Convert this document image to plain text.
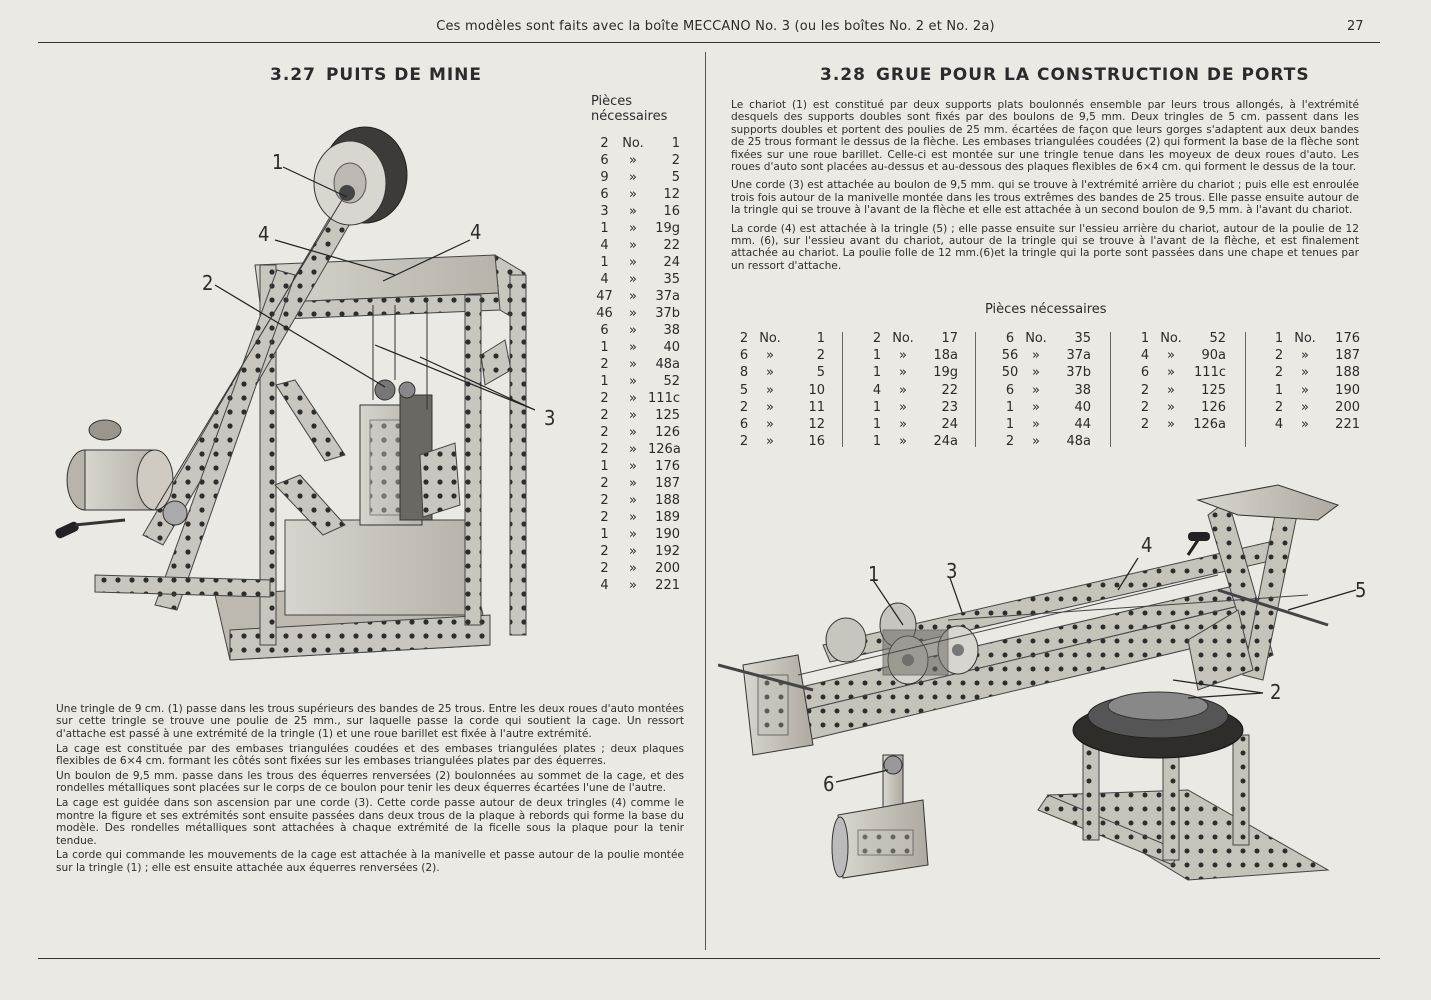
Ces modèles sont faits avec la boîte MECCANO No. 3 (ou les boîtes No. 2 et No. 2a)	27
3.27 PUITS DE MINE
Pièces
nécessaires
2	No.	1
6	»	2
9	»	5
6	»	12
3	»	16
1	»	19g
4	»	22
1	»	24
4	»	35
47	»	37a
46	»	37b
6	»	38
1	»	40
2	»	48a
1	»	52
2	» 111c
2	»	125
2	»	126
2	» 126a
1	»	176
2	»	187
2	»	188
2	»	189
1	»	190
2	»	192
2	»	200
4	»	221
1
4	4
2
3
Une tringle de 9 cm. (1) passe dans les trous supérieurs des bandes de 25 trous. Entre les deux roues d'auto montées sur cette tringle se trouve une poulie de 25 mm., sur laquelle passe la corde qui soutient la cage. Un ressort d'attache est passé à une extrémité de la tringle (1) et une roue barillet est fixée à l'autre extrémité.
La cage est constituée par des embases triangulées coudées et des embases triangulées plates ; deux plaques flexibles de 6×4 cm. formant les côtés sont fixées sur les embases triangulées plates par des équerres.
Un boulon de 9,5 mm. passe dans les trous des équerres renversées (2) boulonnées au sommet de la cage, et des rondelles métalliques sont placées sur le corps de ce boulon pour tenir les deux équerres écartées l'une de l'autre.
La cage est guidée dans son ascension par une corde (3). Cette corde passe autour de deux tringles (4) comme le montre la figure et ses extrémités sont ensuite passées dans deux trous de la plaque à rebords qui forme la base du modèle. Des rondelles métalliques sont attachées à chaque extrémité de la ficelle sous la plaque pour la tenir tendue.
La corde qui commande les mouvements de la cage est attachée à la manivelle et passe autour de la poulie montée sur la tringle (1) ; elle est ensuite attachée aux équerres renversées (2).
3.28 GRUE POUR LA CONSTRUCTION DE PORTS
Le chariot (1) est constitué par deux supports plats boulonnés ensemble par leurs trous allongés, à l'extrémité desquels des supports doubles sont fixés par des boulons de 9,5 mm. Deux tringles de 5 cm. passent dans les supports doubles et portent des poulies de 25 mm. écartées de façon que leurs gorges s'adaptent aux deux bandes de 25 trous formant le dessus de la flèche. Les embases triangulées coudées (2) qui forment la base de la flèche sont fixées sur une roue barillet. Celle-ci est montée sur une tringle tenue dans les moyeux de deux roues d'auto. Les roues d'auto sont placées au-dessus et au-dessous des plaques flexibles de 6×4 cm. qui forment le dessus de la tour.
Une corde (3) est attachée au boulon de 9,5 mm. qui se trouve à l'extrémité arrière du chariot ; puis elle est enroulée trois fois autour de la manivelle montée dans les trous extrêmes des bandes de 25 trous. Elle passe ensuite autour de la tringle qui se trouve à l'avant de la flèche et elle est attachée à un second boulon de 9,5 mm. à l'avant du chariot.
La corde (4) est attachée à la tringle (5) ; elle passe ensuite sur l'essieu arrière du chariot, autour de la poulie de 12 mm. (6), sur l'essieu avant du chariot, autour de la tringle qui se trouve à l'avant de la flèche, et est finalement attachée au chariot. La poulie folle de 12 mm.(6)et la tringle qui la porte sont passées dans une chape et tenues par un ressort d'attache.
Pièces nécessaires
2 No.	1
6	»	2
8	»	5
5	»	10
2	»	11
6	»	12
2	»	16
2 No.	17
1	»	18a
1	»	19g
4	»	22
1	»	23
1	»	24
1	»	24a
6 No.	35
56	»	37a
50	»	37b
6	»	38
1	»	40
1	»	44
2	»	48a
1 No.	52
4	»	90a
6	»	111c
2	»	125
2	»	126
2	»	126a
1 No.	176
2	»	187
2	»	188
1	»	190
2	»	200
4	»	221
1	3
4
5
2
6
